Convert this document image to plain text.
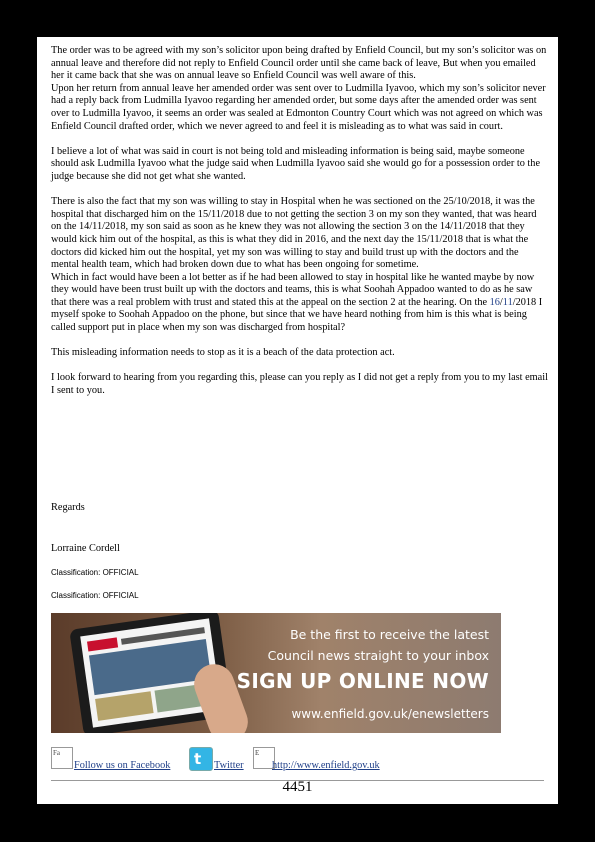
The order was to be agreed with my son’s solicitor upon being drafted by Enfield Council, but my son’s solicitor was on annual leave and therefore did not reply to Enfield Council order until she came back of leave, But when you emailed her it came back that she was on annual leave so Enfield Council was well aware of this.

Upon her return from annual leave her amended order was sent over to Ludmilla Iyavoo, which my son’s solicitor never had a reply back from Ludmilla Iyavoo regarding her amended order, but some days after the amended order was sent over to Ludmilla Iyavoo, it seems an order was sealed at Edmonton Country Court which was not agreed on which was Enfield Council drafted order, which we never agreed to and feel it is misleading as to what was said in court.

I believe a lot of what was said in court is not being told and misleading information is being said, maybe someone should ask Ludmilla Iyavoo what the judge said when Ludmilla Iyavoo said she would go for a possession order to the judge because she did not get what she wanted.

There is also the fact that my son was willing to stay in Hospital when he was sectioned on the 25/10/2018, it was the hospital that discharged him on the 15/11/2018 due to not getting the section 3 on my son they wanted, that was heard on the 14/11/2018, my son said as soon as he knew they was not allowing the section 3 on the 14/11/2018 that they would kick him out of the hospital, as this is what they did in 2016, and the next day the 15/11/2018 that is what the doctors did kicked him out the hospital, yet my son was willing to stay and build trust up with the doctors and the mental health team, which had broken down due to what has been ongoing for sometime.

Which in fact would have been a lot better as if he had been allowed to stay in hospital like he wanted maybe by now they would have been trust built up with the doctors and teams, this is what Soohah Appadoo wanted to do as he saw that there was a real problem with trust and stated this at the appeal on the section 2 at the hearing. On the 16/11/2018 I myself spoke to Soohah Appadoo on the phone, but since that we have heard nothing from him is this what is being called support put in place when my son was discharged from hospital?

This misleading information needs to stop as it is a beach of the data protection act.

I look forward to hearing from you regarding this, please can you reply as I did not get a reply from you to my last email I sent to you.

Regards
Lorraine Cordell
Classification: OFFICIAL
Classification: OFFICIAL
Be the first to receive the latest
Council news straight to your inbox
SIGN UP ONLINE NOW
www.enfield.gov.uk/enewsletters
Fa
Follow us on Facebook t Twitter
E
http://www.enfield.gov.uk
4451
